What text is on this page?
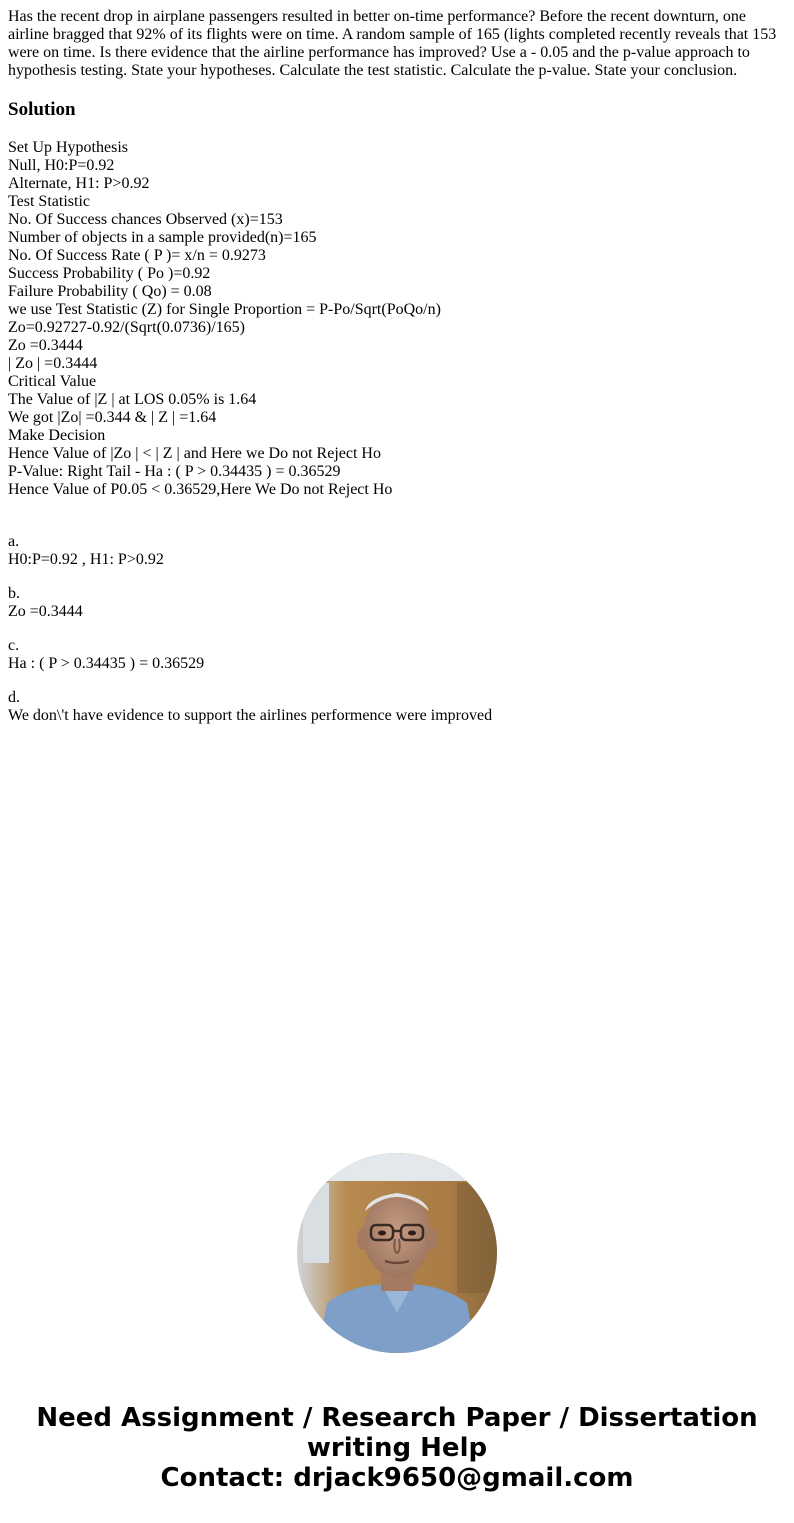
Has the recent drop in airplane passengers resulted in better on-time performance? Before the recent downturn, one airline bragged that 92% of its flights were on time. A random sample of 165 (lights completed recently reveals that 153 were on time. Is there evidence that the airline performance has improved? Use a - 0.05 and the p-value approach to hypothesis testing. State your hypotheses. Calculate the test statistic. Calculate the p-value. State your conclusion.

Solution
Set Up Hypothesis
Null, H0:P=0.92
Alternate, H1: P>0.92
Test Statistic
No. Of Success chances Observed (x)=153
Number of objects in a sample provided(n)=165
No. Of Success Rate ( P )= x/n = 0.9273
Success Probability ( Po )=0.92
Failure Probability ( Qo) = 0.08
we use Test Statistic (Z) for Single Proportion = P-Po/Sqrt(PoQo/n)
Zo=0.92727-0.92/(Sqrt(0.0736)/165)
Zo =0.3444
| Zo | =0.3444
Critical Value
The Value of |Z | at LOS 0.05% is 1.64
We got |Zo| =0.344 & | Z | =1.64
Make Decision
Hence Value of |Zo | < | Z | and Here we Do not Reject Ho
P-Value: Right Tail - Ha : ( P > 0.34435 ) = 0.36529
Hence Value of P0.05 < 0.36529,Here We Do not Reject Ho
a.
H0:P=0.92 , H1: P>0.92
b.
Zo =0.3444
c.
Ha : ( P > 0.34435 ) = 0.36529
d.
We don\'t have evidence to support the airlines performence were improved
Need Assignment / Research Paper / Dissertation
writing Help
Contact: drjack9650@gmail.com
